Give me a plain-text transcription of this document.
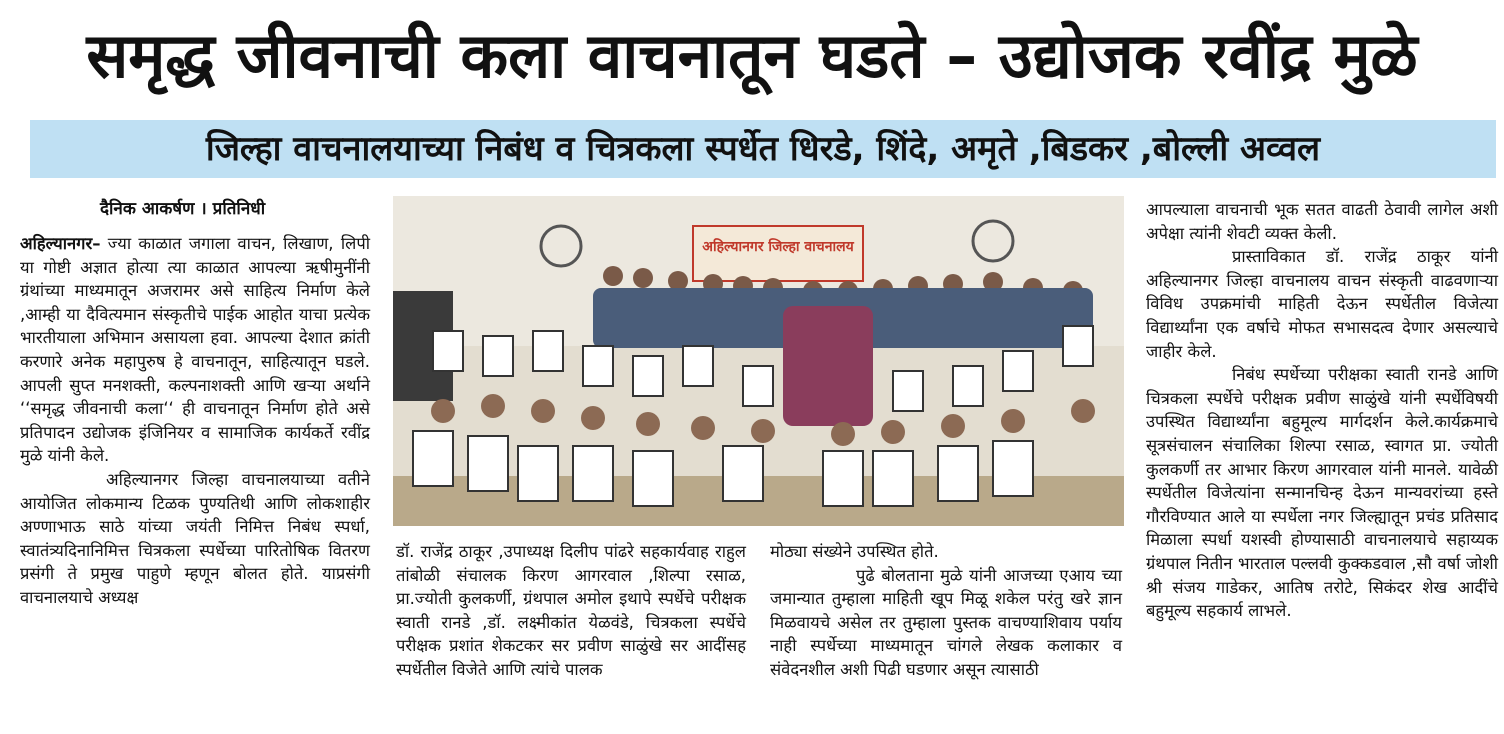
समृद्ध जीवनाची कला वाचनातून घडते – उद्योजक रवींद्र मुळे
जिल्हा वाचनालयाच्या निबंध व चित्रकला स्पर्धेत धिरडे, शिंदे, अमृते ,बिडकर ,बोल्ली अव्वल
दैनिक आकर्षण । प्रतिनिधी

अहिल्यानगर– ज्या काळात जगाला वाचन, लिखाण, लिपी या गोष्टी अज्ञात होत्या त्या काळात आपल्या ऋषीमुनींनी ग्रंथांच्या माध्यमातून अजरामर असे साहित्य निर्माण केले ,आम्ही या दैवित्यमान संस्कृतीचे पाईक आहोत याचा प्रत्येक भारतीयाला अभिमान असायला हवा. आपल्या देशात क्रांती करणारे अनेक महापुरुष हे वाचनातून, साहित्यातून घडले. आपली सुप्त मनशक्ती, कल्पनाशक्ती आणि खऱ्या अर्थाने ‘‘समृद्ध जीवनाची कला‘‘ ही वाचनातून निर्माण होते असे प्रतिपादन उद्योजक इंजिनियर व सामाजिक कार्यकर्ते रवींद्र मुळे यांनी केले.

अहिल्यानगर जिल्हा वाचनालयाच्या वतीने आयोजित लोकमान्य टिळक पुण्यतिथी आणि लोकशाहीर अण्णाभाऊ साठे यांच्या जयंती निमित्त निबंध स्पर्धा, स्वातंत्र्यदिनानिमित्त चित्रकला स्पर्धेच्या पारितोषिक वितरण प्रसंगी ते प्रमुख पाहुणे म्हणून बोलत होते. याप्रसंगी वाचनालयाचे अध्यक्ष

अहिल्यानगर जिल्हा वाचनालय

डॉ. राजेंद्र ठाकूर ,उपाध्यक्ष दिलीप पांढरे सहकार्यवाह राहुल तांबोळी संचालक किरण आगरवाल ,शिल्पा रसाळ, प्रा.ज्योती कुलकर्णी, ग्रंथपाल अमोल इथापे स्पर्धेचे परीक्षक स्वाती रानडे ,डॉ. लक्ष्मीकांत येळवंडे, चित्रकला स्पर्धेचे परीक्षक प्रशांत शेकटकर सर प्रवीण साळुंखे सर आदींसह स्पर्धेतील विजेते आणि त्यांचे पालक

मोठ्या संख्येने उपस्थित होते.

पुढे बोलताना मुळे यांनी आजच्या एआय च्या जमान्यात तुम्हाला माहिती खूप मिळू शकेल परंतु खरे ज्ञान मिळवायचे असेल तर तुम्हाला पुस्तक वाचण्याशिवाय पर्याय नाही स्पर्धेच्या माध्यमातून चांगले लेखक कलाकार व संवेदनशील अशी पिढी घडणार असून त्यासाठी

आपल्याला वाचनाची भूक सतत वाढती ठेवावी लागेल अशी अपेक्षा त्यांनी शेवटी व्यक्त केली.

प्रास्ताविकात डॉ. राजेंद्र ठाकूर यांनी अहिल्यानगर जिल्हा वाचनालय वाचन संस्कृती वाढवणाऱ्या विविध उपक्रमांची माहिती देऊन स्पर्धेतील विजेत्या विद्यार्थ्यांना एक वर्षाचे मोफत सभासदत्व देणार असल्याचे जाहीर केले.

निबंध स्पर्धेच्या परीक्षका स्वाती रानडे आणि चित्रकला स्पर्धेचे परीक्षक प्रवीण साळुंखे यांनी स्पर्धेविषयी उपस्थित विद्यार्थ्यांना बहुमूल्य मार्गदर्शन केले.कार्यक्रमाचे सूत्रसंचालन संचालिका शिल्पा रसाळ, स्वागत प्रा. ज्योती कुलकर्णी तर आभार किरण आगरवाल यांनी मानले. यावेळी स्पर्धेतील विजेत्यांना सन्मानचिन्ह देऊन मान्यवरांच्या हस्ते गौरविण्यात आले या स्पर्धेला नगर जिल्ह्यातून प्रचंड प्रतिसाद मिळाला स्पर्धा यशस्वी होण्यासाठी वाचनालयाचे सहाय्यक ग्रंथपाल नितीन भारताल पल्लवी कुक्कडवाल ,सौ वर्षा जोशी श्री संजय गाडेकर, आतिष तरोटे, सिकंदर शेख आदींचे बहुमूल्य सहकार्य लाभले.
